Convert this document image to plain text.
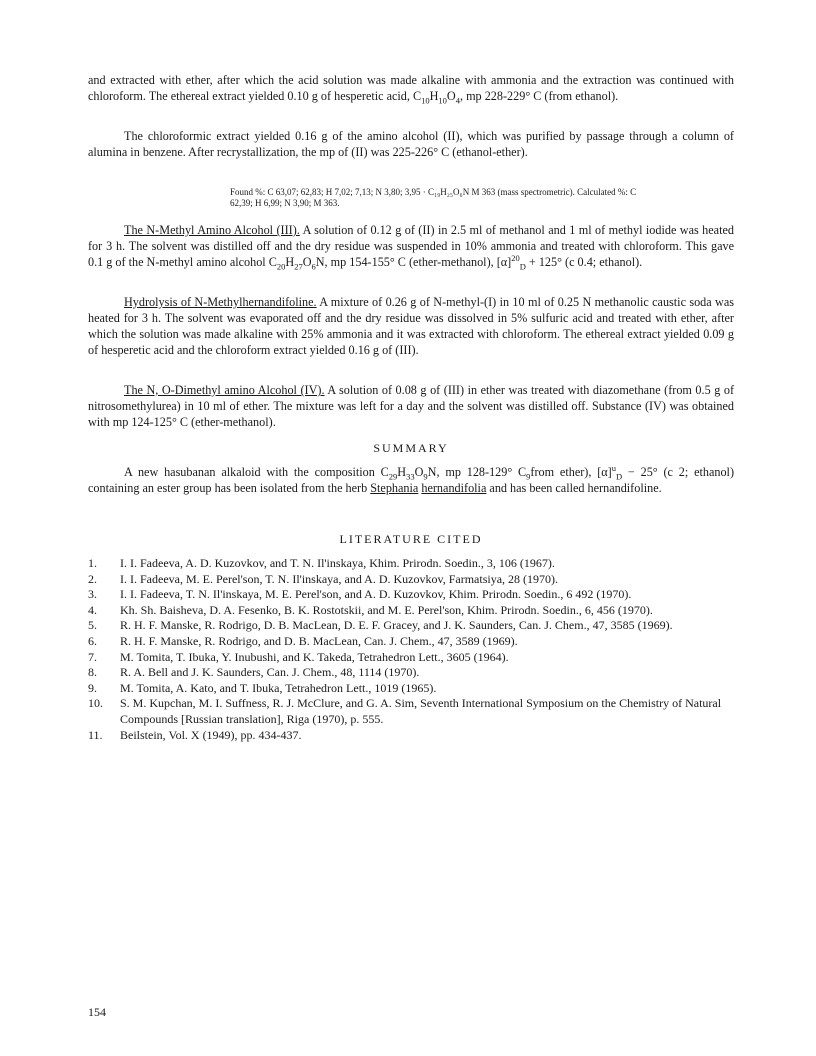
and extracted with ether, after which the acid solution was made alkaline with ammonia and the extraction was continued with chloroform. The ethereal extract yielded 0.10 g of hesperetic acid, $C_{10}H_{10}O_4$, mp 228-229° C (from ethanol).

The chloroformic extract yielded 0.16 g of the amino alcohol (II), which was purified by passage through a column of alumina in benzene. After recrystallization, the mp of (II) was 225-226° C (ethanol-ether).

Found %: C 63,07; 62,83; H 7,02; 7,13; N 3,80; 3,95 · C₁₉H₂₅O₆N M 363 (mass spectrometric). Calculated %: C 62,39; H 6,99; N 3,90; M 363.

The N-Methyl Amino Alcohol (III). A solution of 0.12 g of (II) in 2.5 ml of methanol and 1 ml of methyl iodide was heated for 3 h. The solvent was distilled off and the dry residue was suspended in 10% ammonia and treated with chloroform. This gave 0.1 g of the N-methyl amino alcohol $C_{20}H_{27}O_6N$, mp 154-155° C (ether-methanol), $[\alpha]^{20}_D + 125^\circ$ (c 0.4; ethanol).

Hydrolysis of N-Methylhernandifoline. A mixture of 0.26 g of N-methyl-(I) in 10 ml of 0.25 N methanolic caustic soda was heated for 3 h. The solvent was evaporated off and the dry residue was dissolved in 5% sulfuric acid and treated with ether, after which the solution was made alkaline with 25% ammonia and it was extracted with chloroform. The ethereal extract yielded 0.09 g of hesperetic acid and the chloroform extract yielded 0.16 g of (III).

The N, O-Dimethyl amino Alcohol (IV). A solution of 0.08 g of (III) in ether was treated with diazomethane (from 0.5 g of nitrosomethylurea) in 10 ml of ether. The mixture was left for a day and the solvent was distilled off. Substance (IV) was obtained with mp 124-125° C (ether-methanol).

SUMMARY

A new hasubanan alkaloid with the composition $C_{29}H_{33}O_9N$, mp 128-129° $C_9from$ ether), $[\alpha]^u_D - 25^\circ$ (c 2; ethanol) containing an ester group has been isolated from the herb Stephania hernandifolia and has been called hernandifoline.

LITERATURE CITED
1.	I. I. Fadeeva, A. D. Kuzovkov, and T. N. Il'inskaya, Khim. Prirodn. Soedin., 3, 106 (1967).
2.	I. I. Fadeeva, M. E. Perel'son, T. N. Il'inskaya, and A. D. Kuzovkov, Farmatsiya, 28 (1970).
3.	I. I. Fadeeva, T. N. Il'inskaya, M. E. Perel'son, and A. D. Kuzovkov, Khim. Prirodn. Soedin., 6 492 (1970).
4.	Kh. Sh. Baisheva, D. A. Fesenko, B. K. Rostotskii, and M. E. Perel'son, Khim. Prirodn. Soedin., 6, 456 (1970).
5.	R. H. F. Manske, R. Rodrigo, D. B. MacLean, D. E. F. Gracey, and J. K. Saunders, Can. J. Chem., 47, 3585 (1969).
6.	R. H. F. Manske, R. Rodrigo, and D. B. MacLean, Can. J. Chem., 47, 3589 (1969).
7.	M. Tomita, T. Ibuka, Y. Inubushi, and K. Takeda, Tetrahedron Lett., 3605 (1964).
8.	R. A. Bell and J. K. Saunders, Can. J. Chem., 48, 1114 (1970).
9.	M. Tomita, A. Kato, and T. Ibuka, Tetrahedron Lett., 1019 (1965).
10.	S. M. Kupchan, M. I. Suffness, R. J. McClure, and G. A. Sim, Seventh International Symposium on the Chemistry of Natural Compounds [Russian translation], Riga (1970), p. 555.
11.	Beilstein, Vol. X (1949), pp. 434-437.
154
